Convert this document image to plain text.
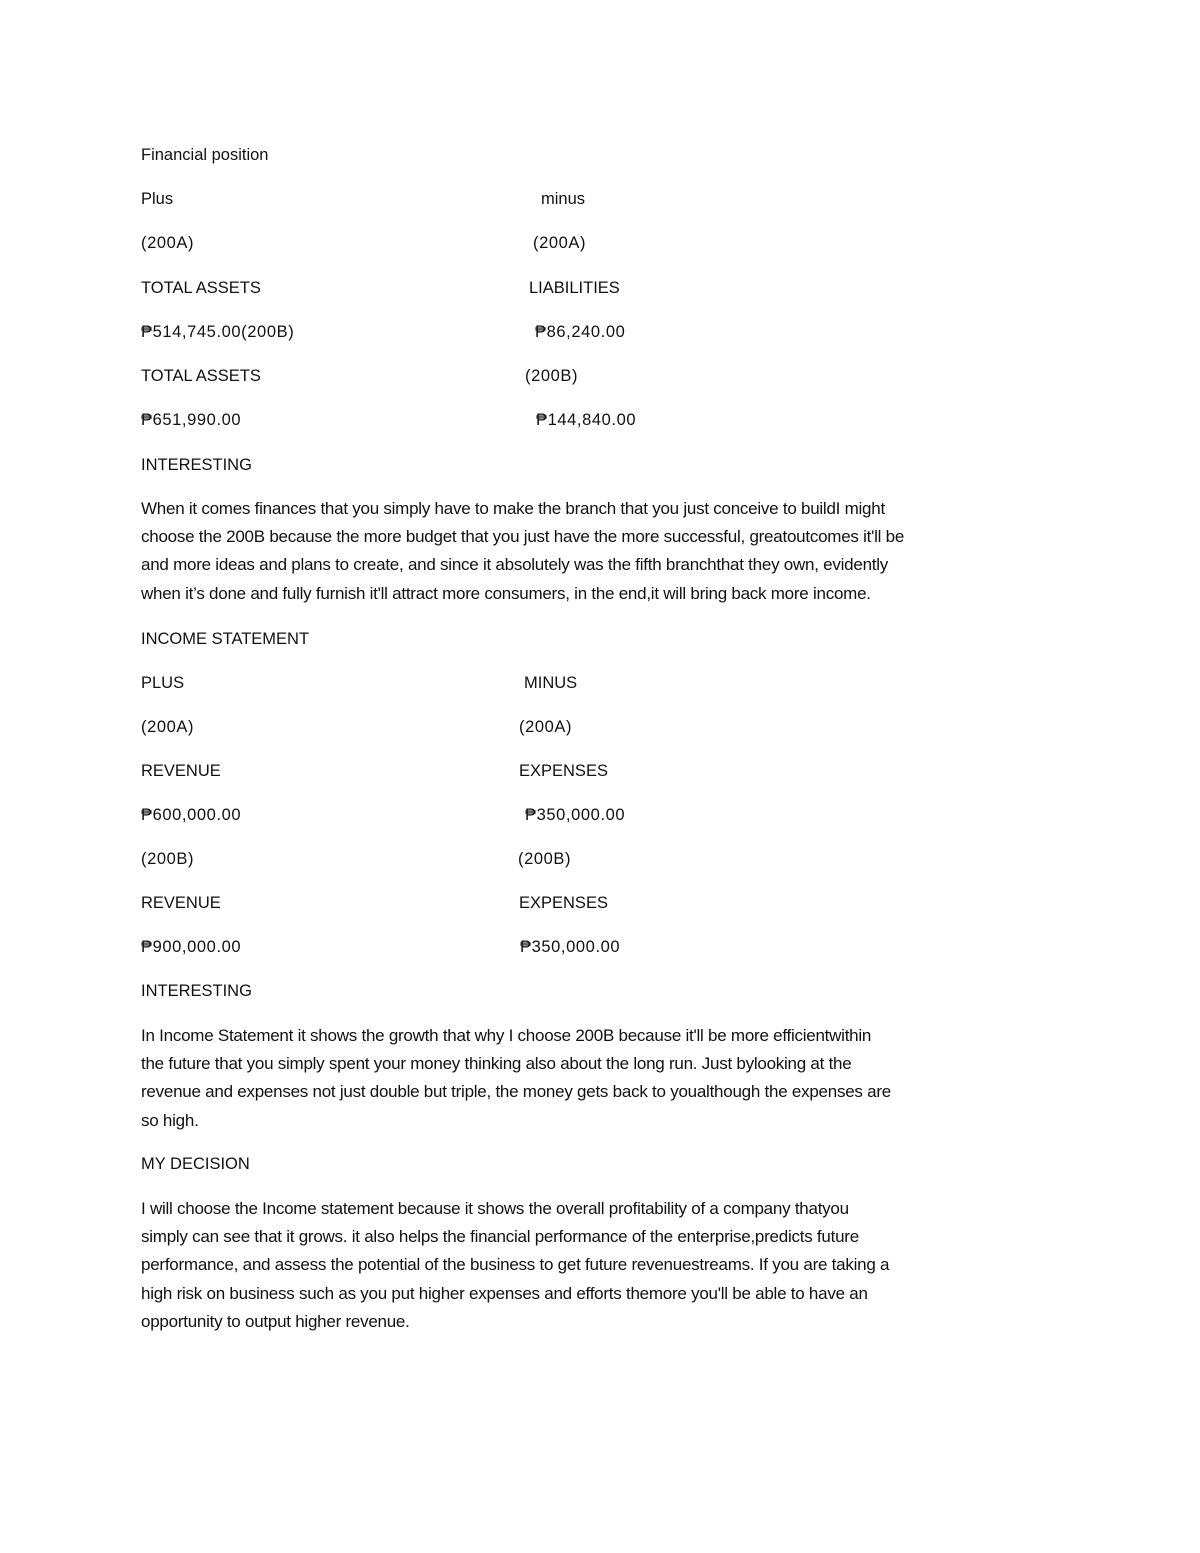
Financial position
Plus	minus
(200A)	(200A)
TOTAL ASSETS	LIABILITIES
₱514,745.00(200B)	₱86,240.00
TOTAL ASSETS	(200B)
₱651,990.00	₱144,840.00
INTERESTING
When it comes finances that you simply have to make the branch that you just conceive to buildI might
choose the 200B because the more budget that you just have the more successful, greatoutcomes it'll be
and more ideas and plans to create, and since it absolutely was the fifth branchthat they own, evidently
when it’s done and fully furnish it'll attract more consumers, in the end,it will bring back more income.
INCOME STATEMENT
PLUS	MINUS
(200A)	(200A)
REVENUE	EXPENSES
₱600,000.00	₱350,000.00
(200B)	(200B)
REVENUE	EXPENSES
₱900,000.00	₱350,000.00
INTERESTING
In Income Statement it shows the growth that why I choose 200B because it'll be more efficientwithin
the future that you simply spent your money thinking also about the long run. Just bylooking at the
revenue and expenses not just double but triple, the money gets back to youalthough the expenses are
so high.
MY DECISION
I will choose the Income statement because it shows the overall profitability of a company thatyou
simply can see that it grows. it also helps the financial performance of the enterprise,predicts future
performance, and assess the potential of the business to get future revenuestreams. If you are taking a
high risk on business such as you put higher expenses and efforts themore you'll be able to have an
opportunity to output higher revenue.
